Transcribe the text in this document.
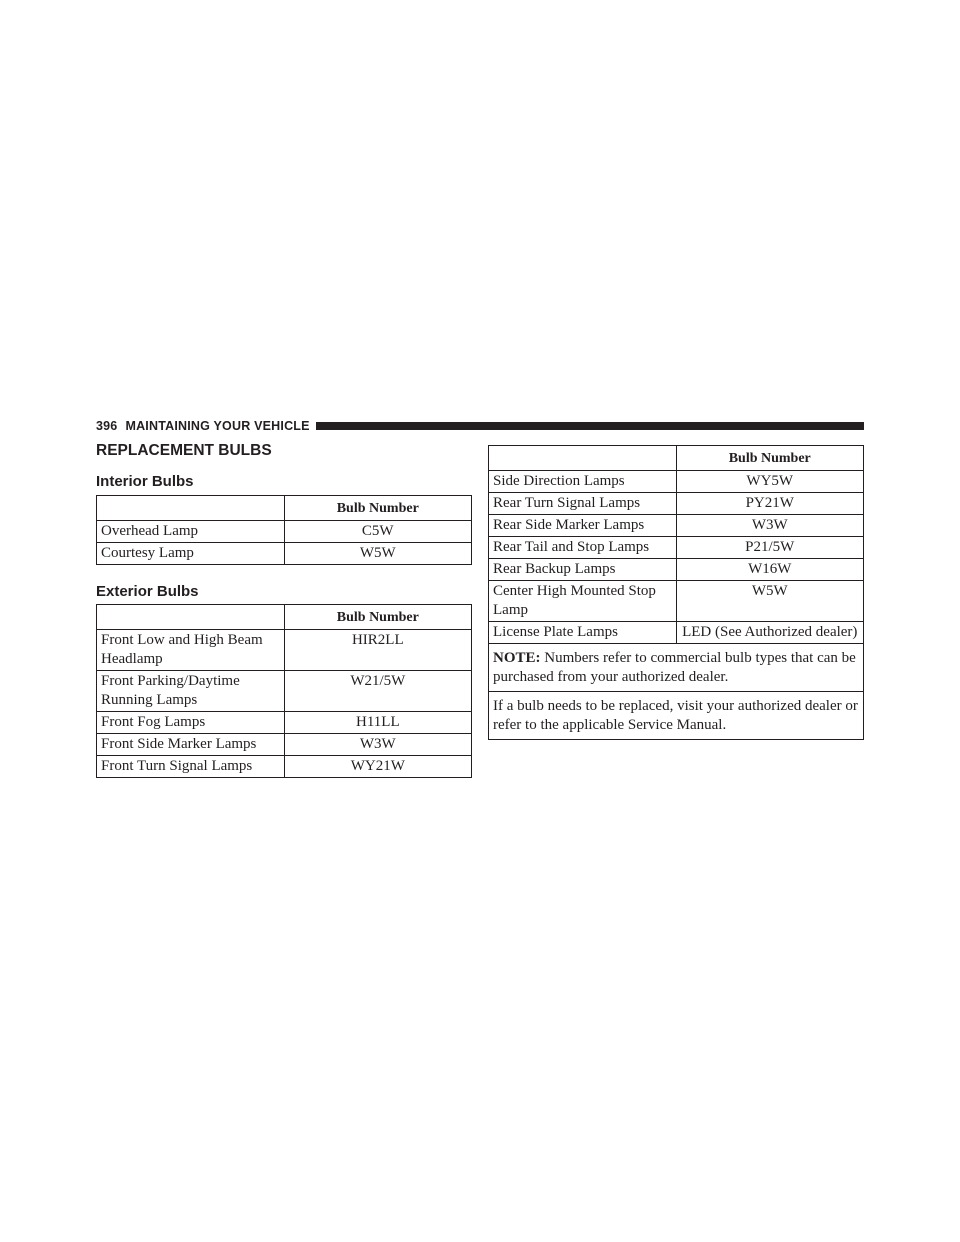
396 MAINTAINING YOUR VEHICLE
REPLACEMENT BULBS
Interior Bulbs
	Bulb Number
Overhead Lamp	C5W
Courtesy Lamp	W5W
Exterior Bulbs
	Bulb Number
Front Low and High Beam Headlamp	HIR2LL
Front Parking/Daytime Running Lamps	W21/5W
Front Fog Lamps	H11LL
Front Side Marker Lamps	W3W
Front Turn Signal Lamps	WY21W
	Bulb Number
Side Direction Lamps	WY5W
Rear Turn Signal Lamps	PY21W
Rear Side Marker Lamps	W3W
Rear Tail and Stop Lamps	P21/5W
Rear Backup Lamps	W16W
Center High Mounted Stop Lamp	W5W
License Plate Lamps	LED (See Authorized dealer)
NOTE: Numbers refer to commercial bulb types that can be purchased from your authorized dealer.	
If a bulb needs to be replaced, visit your authorized dealer or refer to the applicable Service Manual.	
